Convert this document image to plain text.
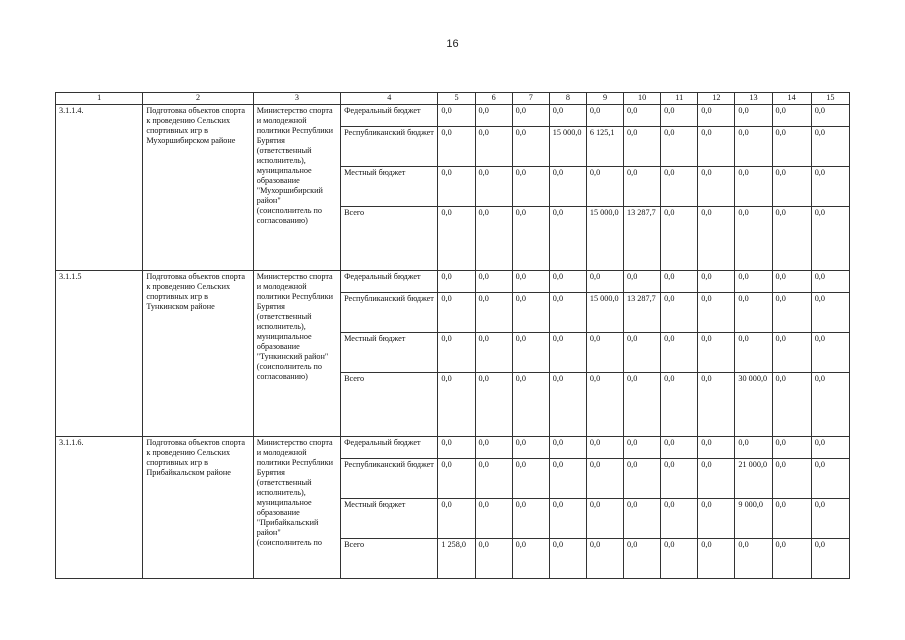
16
1	2	3	4	5	6	7	8	9	10	11	12	13	14	15
3.1.1.4.	Подготовка объектов спорта к проведению Сельских спортивных игр в Мухоршибирском районе	Министерство спорта и молодежной политики Республики Бурятия (ответственный исполнитель), муниципальное образование "Мухоршибирский район" (соисполнитель по согласованию)	Федеральный бюджет	0,0	0,0	0,0	0,0	0,0	0,0	0,0	0,0	0,0	0,0	0,0
			Республиканский бюджет	0,0	0,0	0,0	15 000,0	6 125,1	0,0	0,0	0,0	0,0	0,0	0,0
			Местный бюджет	0,0	0,0	0,0	0,0	0,0	0,0	0,0	0,0	0,0	0,0	0,0
			Всего	0,0	0,0	0,0	0,0	15 000,0	13 287,7	0,0	0,0	0,0	0,0	0,0
3.1.1.5	Подготовка объектов спорта к проведению Сельских спортивных игр в Тункинском районе	Министерство спорта и молодежной политики Республики Бурятия (ответственный исполнитель), муниципальное образование "Тункинский район" (соисполнитель по согласованию)	Федеральный бюджет	0,0	0,0	0,0	0,0	0,0	0,0	0,0	0,0	0,0	0,0	0,0
			Республиканский бюджет	0,0	0,0	0,0	0,0	15 000,0	13 287,7	0,0	0,0	0,0	0,0	0,0
			Местный бюджет	0,0	0,0	0,0	0,0	0,0	0,0	0,0	0,0	0,0	0,0	0,0
			Всего	0,0	0,0	0,0	0,0	0,0	0,0	0,0	0,0	30 000,0	0,0	0,0
3.1.1.6.	Подготовка объектов спорта к проведению Сельских спортивных игр в Прибайкальском районе	Министерство спорта и молодежной политики Республики Бурятия (ответственный исполнитель), муниципальное образование "Прибайкальский район" (соисполнитель по	Федеральный бюджет	0,0	0,0	0,0	0,0	0,0	0,0	0,0	0,0	0,0	0,0	0,0
			Республиканский бюджет	0,0	0,0	0,0	0,0	0,0	0,0	0,0	0,0	21 000,0	0,0	0,0
			Местный бюджет	0,0	0,0	0,0	0,0	0,0	0,0	0,0	0,0	9 000,0	0,0	0,0
			Всего	1 258,0	0,0	0,0	0,0	0,0	0,0	0,0	0,0	0,0	0,0	0,0
